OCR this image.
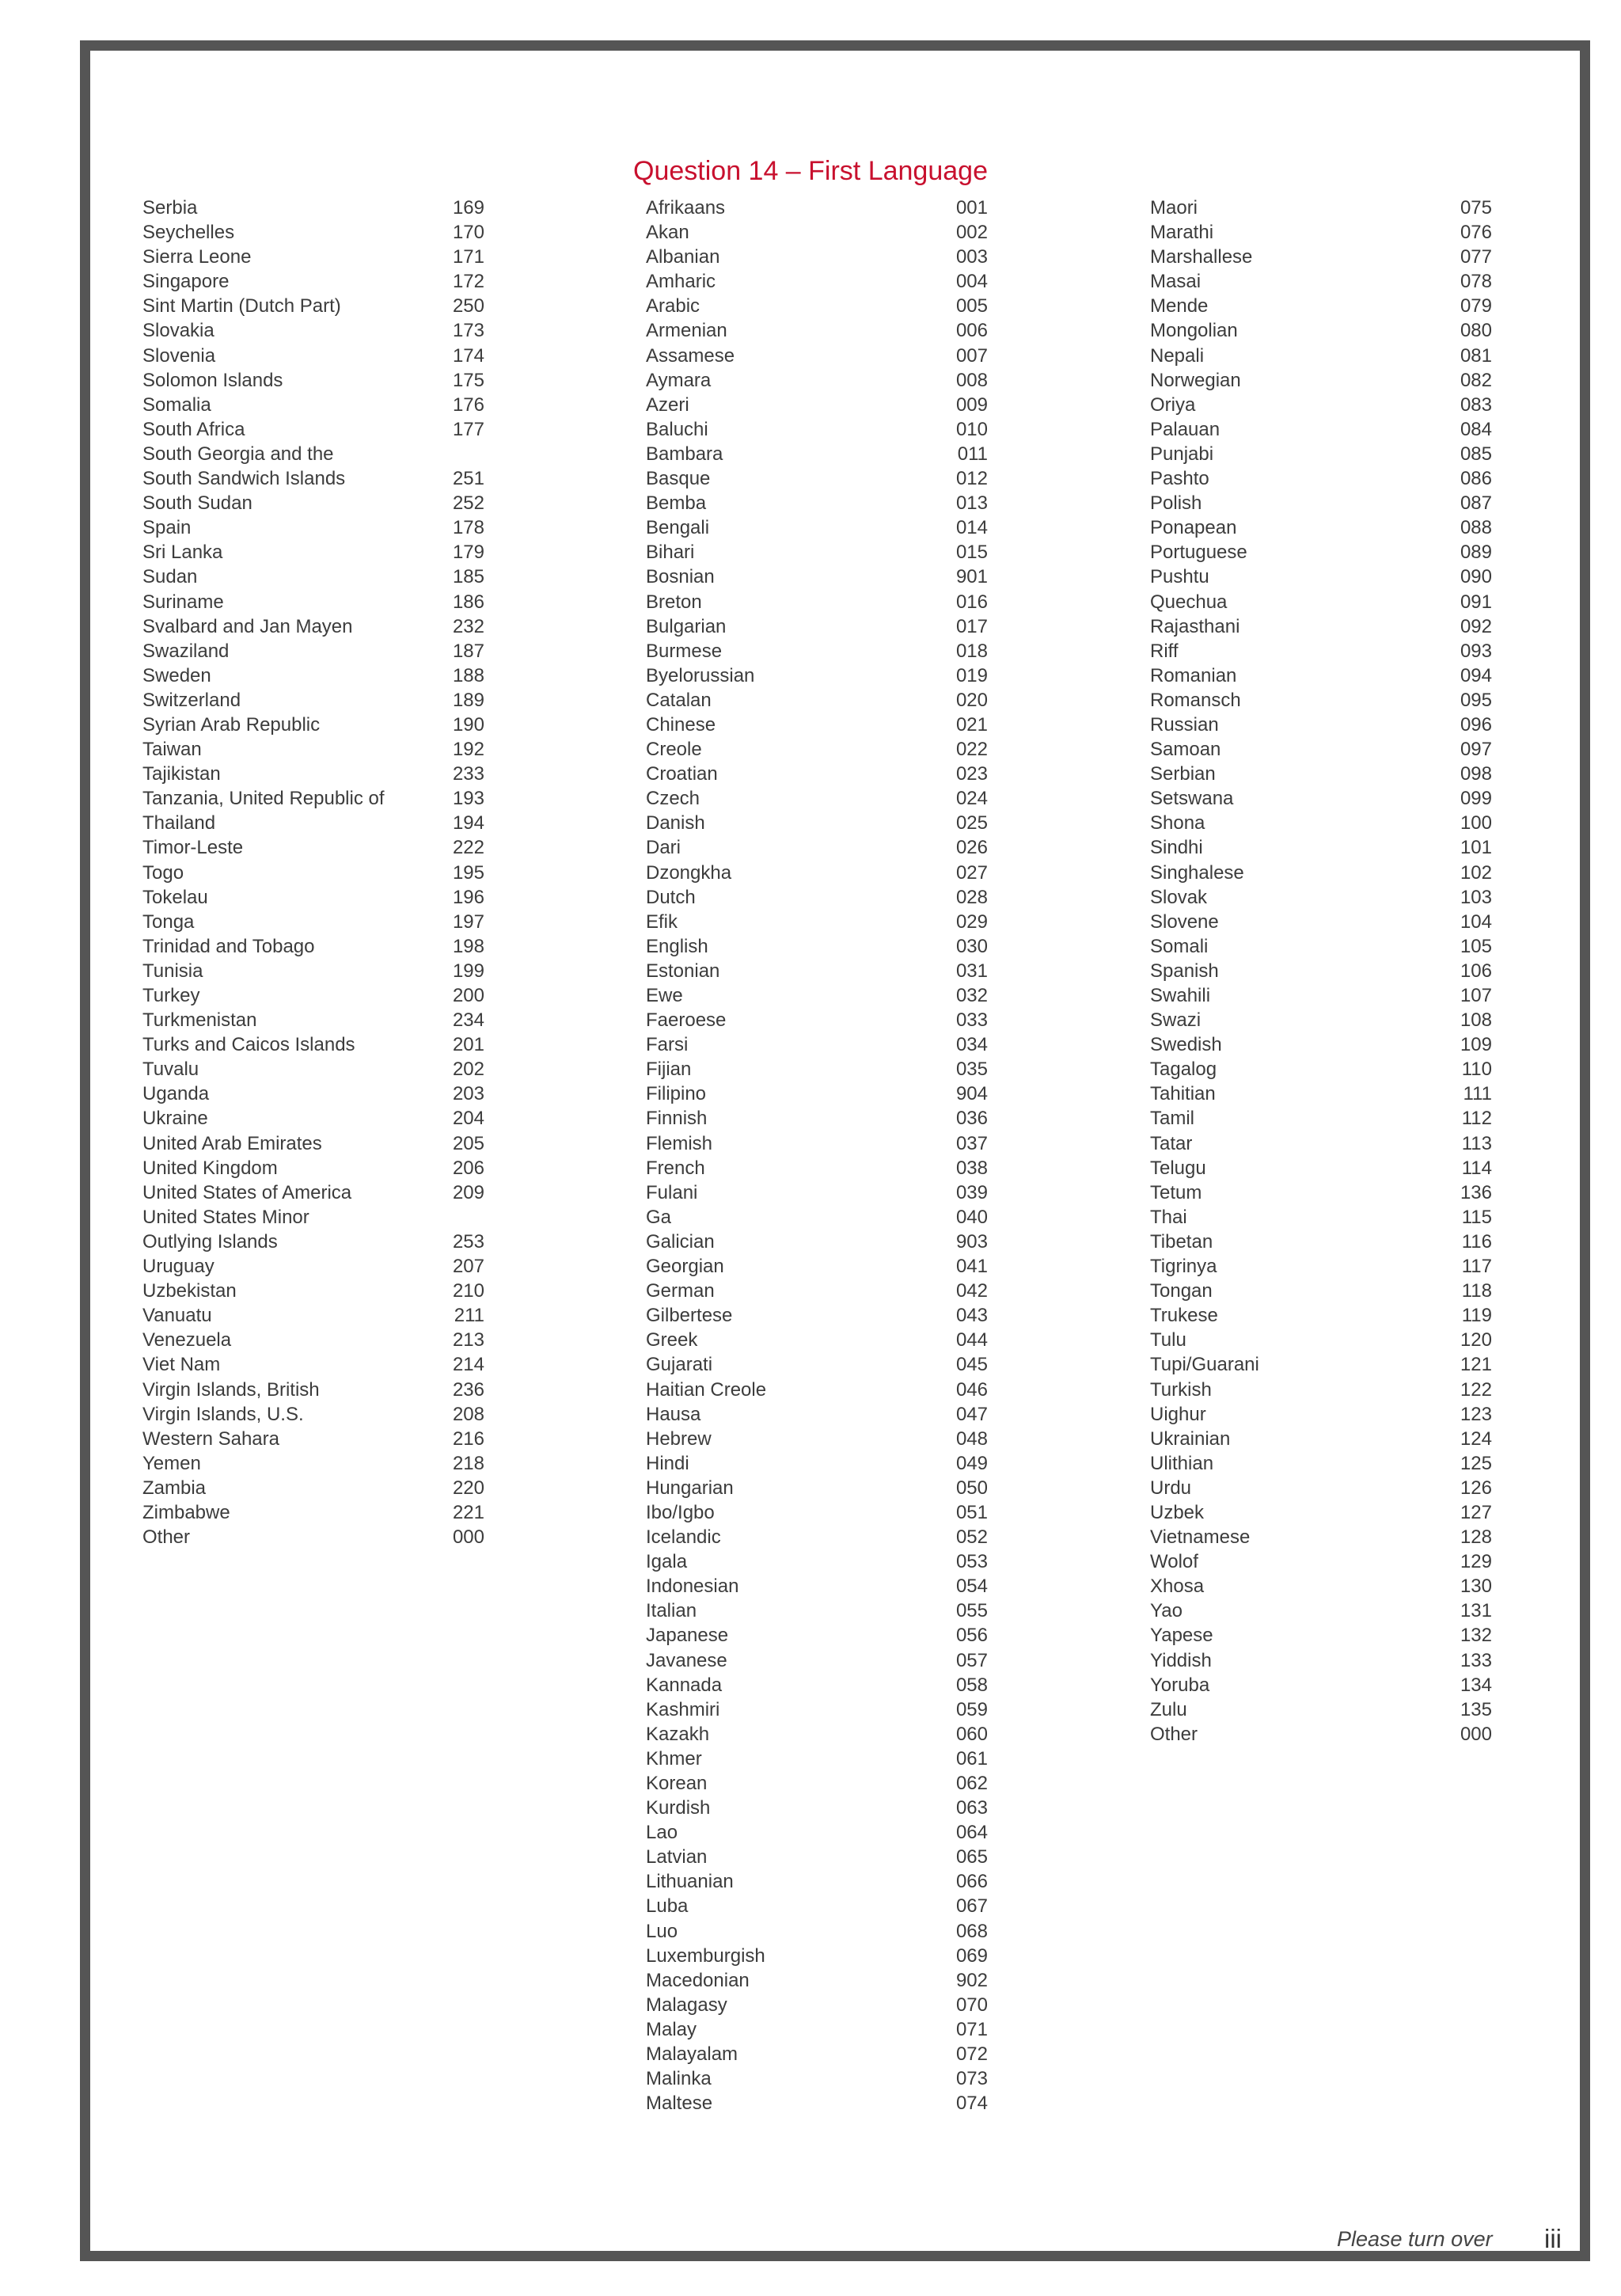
Question 14 – First Language
Serbia	169
Seychelles	170
Sierra Leone	171
Singapore	172
Sint Martin (Dutch Part)	250
Slovakia	173
Slovenia	174
Solomon Islands	175
Somalia	176
South Africa	177
South Georgia and the
South Sandwich Islands	251
South Sudan	252
Spain	178
Sri Lanka	179
Sudan	185
Suriname	186
Svalbard and Jan Mayen	232
Swaziland	187
Sweden	188
Switzerland	189
Syrian Arab Republic	190
Taiwan	192
Tajikistan	233
Tanzania, United Republic of	193
Thailand	194
Timor-Leste	222
Togo	195
Tokelau	196
Tonga	197
Trinidad and Tobago	198
Tunisia	199
Turkey	200
Turkmenistan	234
Turks and Caicos Islands	201
Tuvalu	202
Uganda	203
Ukraine	204
United Arab Emirates	205
United Kingdom	206
United States of America	209
United States Minor
Outlying Islands	253
Uruguay	207
Uzbekistan	210
Vanuatu	211
Venezuela	213
Viet Nam	214
Virgin Islands, British	236
Virgin Islands, U.S.	208
Western Sahara	216
Yemen	218
Zambia	220
Zimbabwe	221
Other	000
Afrikaans	001
Akan	002
Albanian	003
Amharic	004
Arabic	005
Armenian	006
Assamese	007
Aymara	008
Azeri	009
Baluchi	010
Bambara	011
Basque	012
Bemba	013
Bengali	014
Bihari	015
Bosnian	901
Breton	016
Bulgarian	017
Burmese	018
Byelorussian	019
Catalan	020
Chinese	021
Creole	022
Croatian	023
Czech	024
Danish	025
Dari	026
Dzongkha	027
Dutch	028
Efik	029
English	030
Estonian	031
Ewe	032
Faeroese	033
Farsi	034
Fijian	035
Filipino	904
Finnish	036
Flemish	037
French	038
Fulani	039
Ga	040
Galician	903
Georgian	041
German	042
Gilbertese	043
Greek	044
Gujarati	045
Haitian Creole	046
Hausa	047
Hebrew	048
Hindi	049
Hungarian	050
Ibo/Igbo	051
Icelandic	052
Igala	053
Indonesian	054
Italian	055
Japanese	056
Javanese	057
Kannada	058
Kashmiri	059
Kazakh	060
Khmer	061
Korean	062
Kurdish	063
Lao	064
Latvian	065
Lithuanian	066
Luba	067
Luo	068
Luxemburgish	069
Macedonian	902
Malagasy	070
Malay	071
Malayalam	072
Malinka	073
Maltese	074
Maori	075
Marathi	076
Marshallese	077
Masai	078
Mende	079
Mongolian	080
Nepali	081
Norwegian	082
Oriya	083
Palauan	084
Punjabi	085
Pashto	086
Polish	087
Ponapean	088
Portuguese	089
Pushtu	090
Quechua	091
Rajasthani	092
Riff	093
Romanian	094
Romansch	095
Russian	096
Samoan	097
Serbian	098
Setswana	099
Shona	100
Sindhi	101
Singhalese	102
Slovak	103
Slovene	104
Somali	105
Spanish	106
Swahili	107
Swazi	108
Swedish	109
Tagalog	110
Tahitian	111
Tamil	112
Tatar	113
Telugu	114
Tetum	136
Thai	115
Tibetan	116
Tigrinya	117
Tongan	118
Trukese	119
Tulu	120
Tupi/Guarani	121
Turkish	122
Uighur	123
Ukrainian	124
Ulithian	125
Urdu	126
Uzbek	127
Vietnamese	128
Wolof	129
Xhosa	130
Yao	131
Yapese	132
Yiddish	133
Yoruba	134
Zulu	135
Other	000
Please turn over iii
